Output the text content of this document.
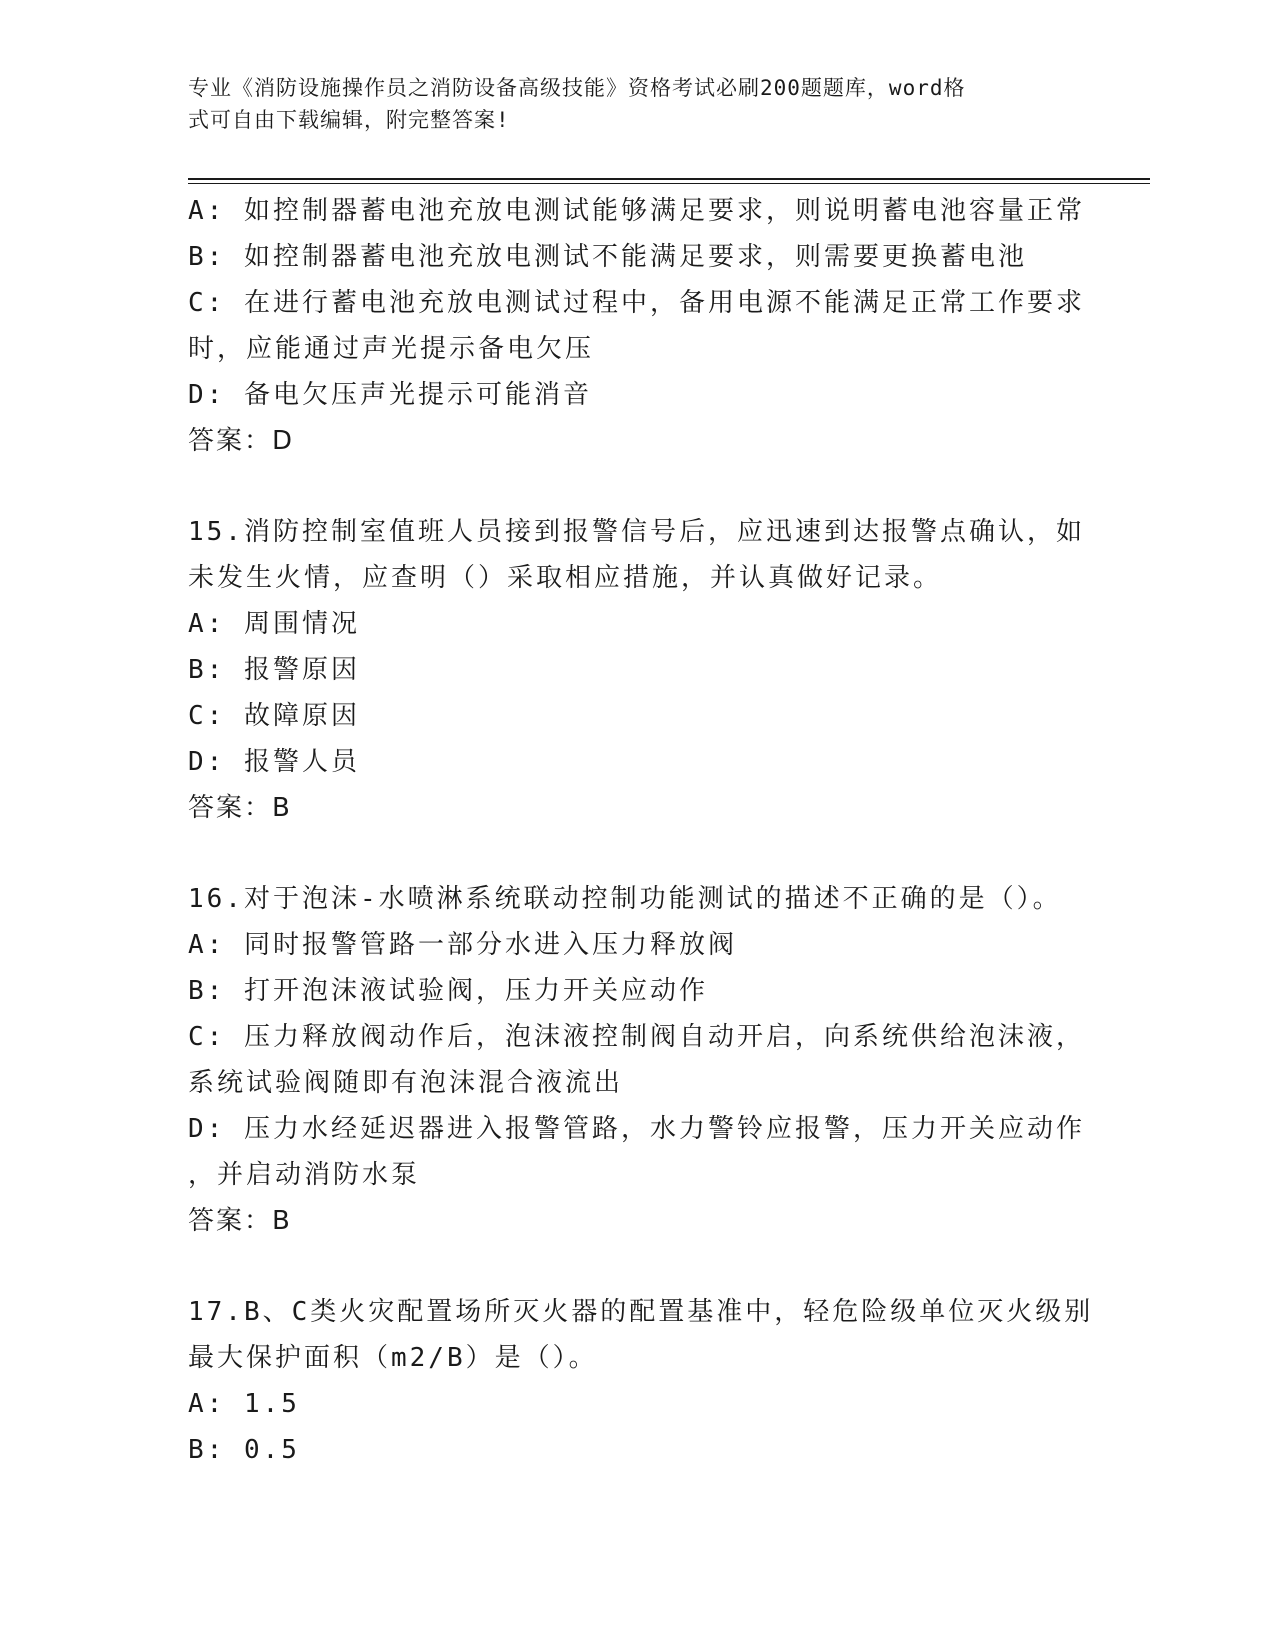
专业《消防设施操作员之消防设备高级技能》资格考试必刷200题题库，word格
式可自由下载编辑，附完整答案!
A: 如控制器蓄电池充放电测试能够满足要求，则说明蓄电池容量正常
B: 如控制器蓄电池充放电测试不能满足要求，则需要更换蓄电池
C: 在进行蓄电池充放电测试过程中，备用电源不能满足正常工作要求
时，应能通过声光提示备电欠压
D: 备电欠压声光提示可能消音
答案：D
15.消防控制室值班人员接到报警信号后，应迅速到达报警点确认，如
未发生火情，应查明（）采取相应措施，并认真做好记录。
A: 周围情况
B: 报警原因
C: 故障原因
D: 报警人员
答案：B
16.对于泡沫-水喷淋系统联动控制功能测试的描述不正确的是（）。
A: 同时报警管路一部分水进入压力释放阀
B: 打开泡沫液试验阀，压力开关应动作
C: 压力释放阀动作后，泡沫液控制阀自动开启，向系统供给泡沫液，
系统试验阀随即有泡沫混合液流出
D: 压力水经延迟器进入报警管路，水力警铃应报警，压力开关应动作
，并启动消防水泵
答案：B
17.B、C类火灾配置场所灭火器的配置基准中，轻危险级单位灭火级别
最大保护面积（m2/B）是（）。
A: 1.5
B: 0.5
